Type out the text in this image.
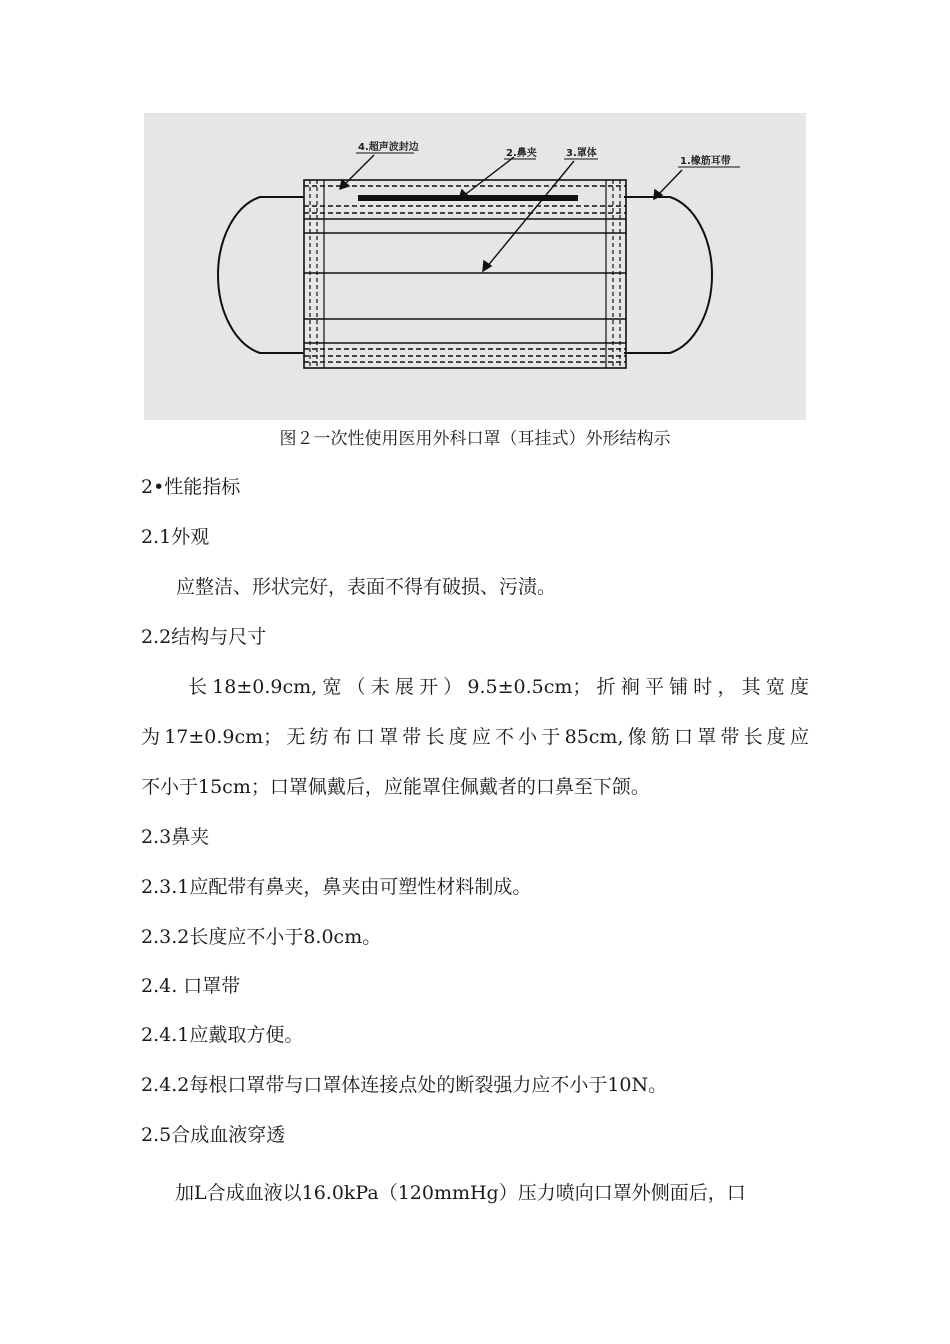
4.超声波封边
2.鼻夹	3.罩体
1.橡筋耳带
图２一次性使用医用外科口罩（耳挂式）外形结构示
2•性能指标
2.1外观
应整洁、形状完好，表面不得有破损、污渍。
2.2结构与尺寸
长18±0.9cm,宽（未展开）9.5±0.5cm；折裥平铺时，其宽度
为17±0.9cm；无纺布口罩带长度应不小于85cm,像筋口罩带长度应
不小于15cm；口罩佩戴后，应能罩住佩戴者的口鼻至下颌。
2.3鼻夹
2.3.1应配带有鼻夹，鼻夹由可塑性材料制成。
2.3.2长度应不小于8.0cm。
2.4. 口罩带
2.4.1应戴取方便。
2.4.2每根口罩带与口罩体连接点处的断裂强力应不小于10N。
2.5合成血液穿透
加L合成血液以16.0kPa（120mmHg）压力喷向口罩外侧面后，口
